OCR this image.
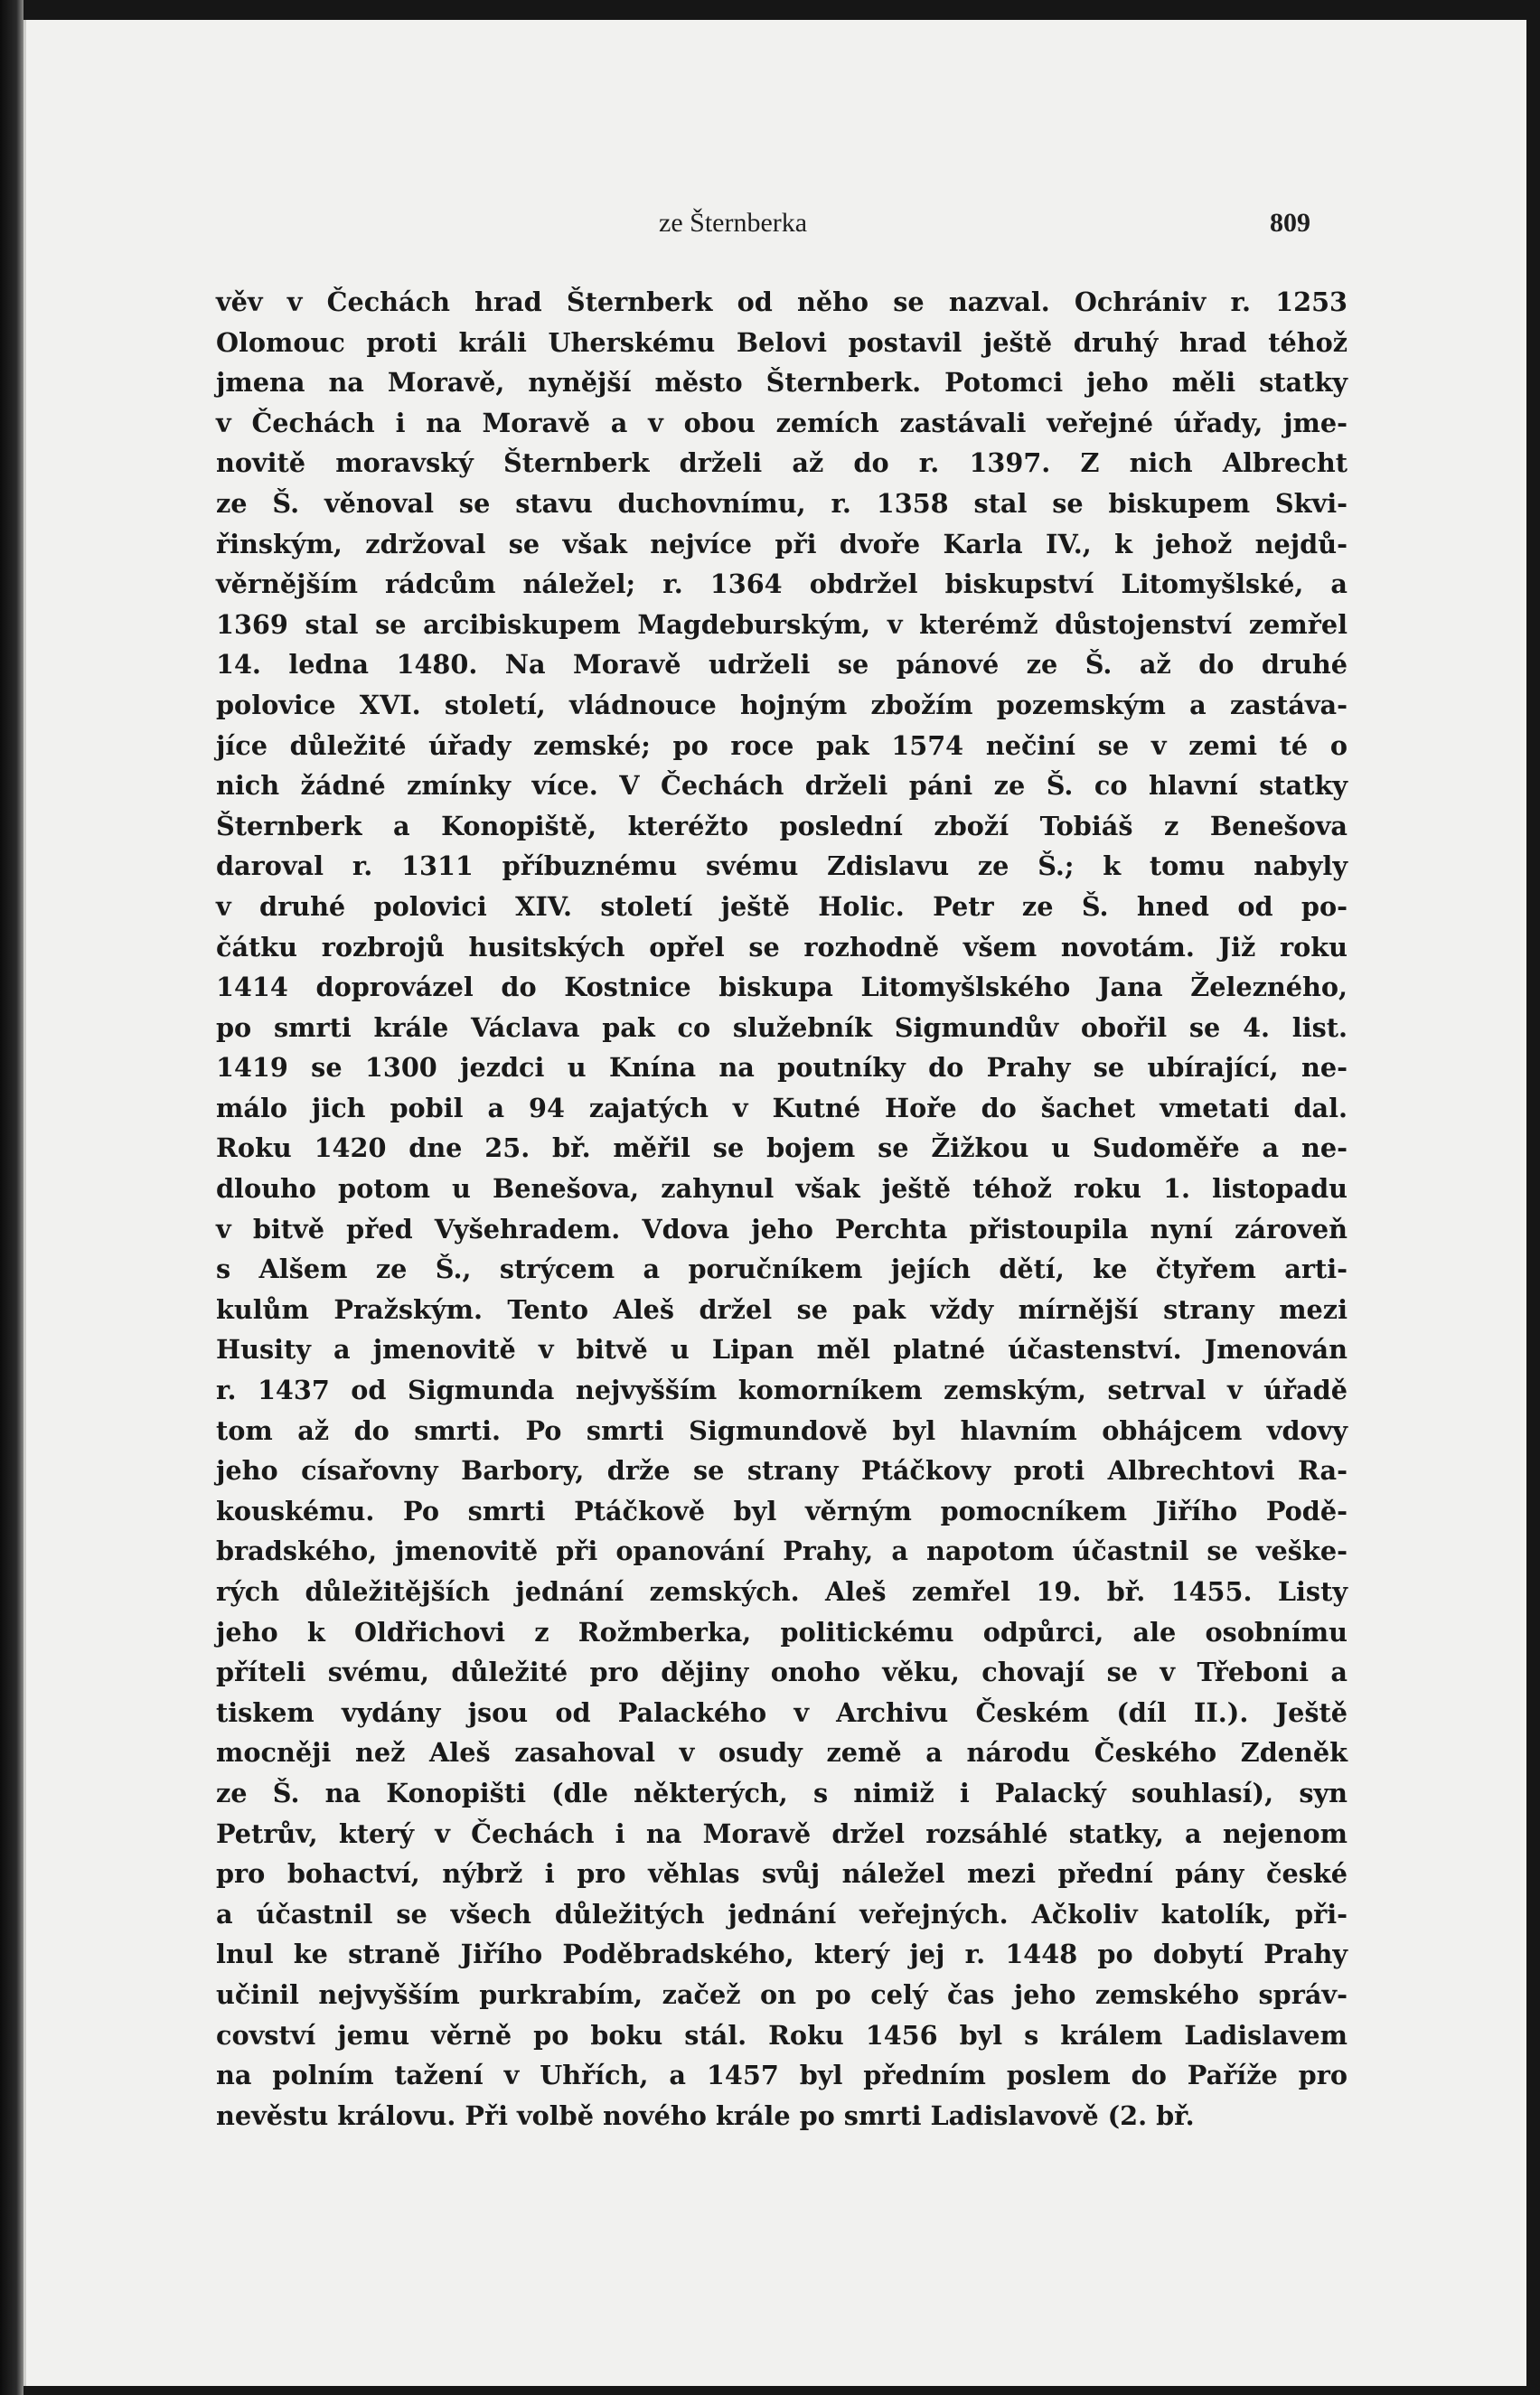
ze Šternberka	809
věv v Čechách hrad Šternberk od něho se nazval. Ochrániv r. 1253
Olomouc proti králi Uherskému Belovi postavil ještě druhý hrad téhož
jmena na Moravě, nynější město Šternberk. Potomci jeho měli statky
v Čechách i na Moravě a v obou zemích zastávali veřejné úřady, jme-
novitě moravský Šternberk drželi až do r. 1397. Z nich Albrecht
ze Š. věnoval se stavu duchovnímu, r. 1358 stal se biskupem Skvi-
řinským, zdržoval se však nejvíce při dvoře Karla IV., k jehož nejdů-
věrnějším rádcům náležel; r. 1364 obdržel biskupství Litomyšlské, a
1369 stal se arcibiskupem Magdeburským, v kterémž důstojenství zemřel
14. ledna 1480. Na Moravě udrželi se pánové ze Š. až do druhé
polovice XVI. století, vládnouce hojným zbožím pozemským a zastáva-
jíce důležité úřady zemské; po roce pak 1574 nečiní se v zemi té o
nich žádné zmínky více. V Čechách drželi páni ze Š. co hlavní statky
Šternberk a Konopiště, kteréžto poslední zboží Tobiáš z Benešova
daroval r. 1311 příbuznému svému Zdislavu ze Š.; k tomu nabyly
v druhé polovici XIV. století ještě Holic. Petr ze Š. hned od po-
čátku rozbrojů husitských opřel se rozhodně všem novotám. Již roku
1414 doprovázel do Kostnice biskupa Litomyšlského Jana Železného,
po smrti krále Václava pak co služebník Sigmundův obořil se 4. list.
1419 se 1300 jezdci u Knína na poutníky do Prahy se ubírající, ne-
málo jich pobil a 94 zajatých v Kutné Hoře do šachet vmetati dal.
Roku 1420 dne 25. bř. měřil se bojem se Žižkou u Sudoměře a ne-
dlouho potom u Benešova, zahynul však ještě téhož roku 1. listopadu
v bitvě před Vyšehradem. Vdova jeho Perchta přistoupila nyní zároveň
s Alšem ze Š., strýcem a poručníkem jejích dětí, ke čtyřem arti-
kulům Pražským. Tento Aleš držel se pak vždy mírnější strany mezi
Husity a jmenovitě v bitvě u Lipan měl platné účastenství. Jmenován
r. 1437 od Sigmunda nejvyšším komorníkem zemským, setrval v úřadě
tom až do smrti. Po smrti Sigmundově byl hlavním obhájcem vdovy
jeho císařovny Barbory, drže se strany Ptáčkovy proti Albrechtovi Ra-
kouskému. Po smrti Ptáčkově byl věrným pomocníkem Jiřího Podě-
bradského, jmenovitě při opanování Prahy, a napotom účastnil se veške-
rých důležitějších jednání zemských. Aleš zemřel 19. bř. 1455. Listy
jeho k Oldřichovi z Rožmberka, politickému odpůrci, ale osobnímu
příteli svému, důležité pro dějiny onoho věku, chovají se v Třeboni a
tiskem vydány jsou od Palackého v Archivu Českém (díl II.). Ještě
mocněji než Aleš zasahoval v osudy země a národu Českého Zdeněk
ze Š. na Konopišti (dle některých, s nimiž i Palacký souhlasí), syn
Petrův, který v Čechách i na Moravě držel rozsáhlé statky, a nejenom
pro bohactví, nýbrž i pro věhlas svůj náležel mezi přední pány české
a účastnil se všech důležitých jednání veřejných. Ačkoliv katolík, při-
lnul ke straně Jiřího Poděbradského, který jej r. 1448 po dobytí Prahy
učinil nejvyšším purkrabím, začež on po celý čas jeho zemského správ-
covství jemu věrně po boku stál. Roku 1456 byl s králem Ladislavem
na polním tažení v Uhřích, a 1457 byl předním poslem do Paříže pro
nevěstu královu. Při volbě nového krále po smrti Ladislavově (2. bř.
